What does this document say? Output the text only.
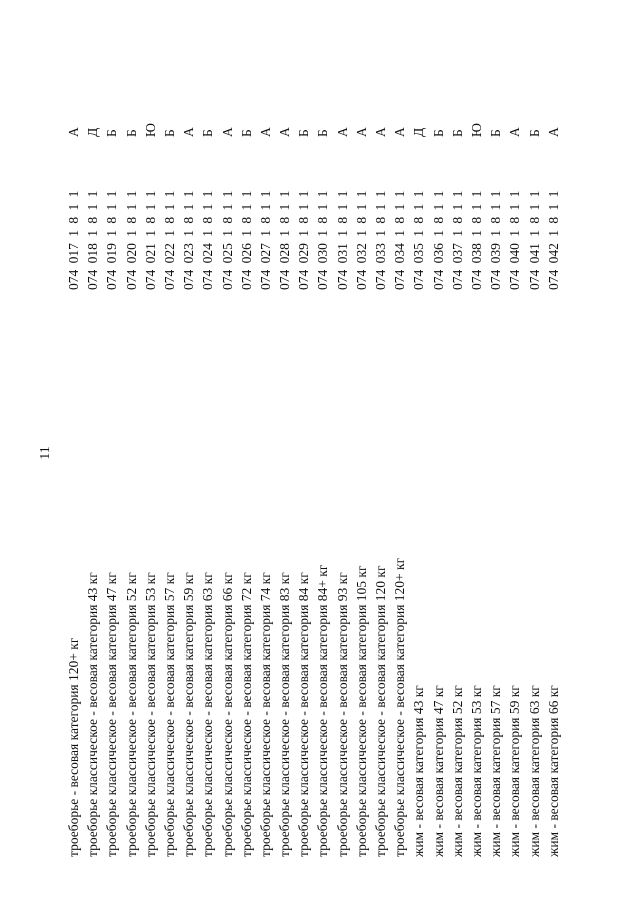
11
троеборье - весовая категория 120+ кг
074 017 1 8 1 1
А
троеборье классическое - весовая категория 43 кг
074 018 1 8 1 1
Д
троеборье классическое - весовая категория 47 кг
074 019 1 8 1 1
Б
троеборье классическое - весовая категория 52 кг
074 020 1 8 1 1
Б
троеборье классическое - весовая категория 53 кг
074 021 1 8 1 1
Ю
троеборье классическое - весовая категория 57 кг
074 022 1 8 1 1
Б
троеборье классическое - весовая категория 59 кг
074 023 1 8 1 1
А
троеборье классическое - весовая категория 63 кг
074 024 1 8 1 1
Б
троеборье классическое - весовая категория 66 кг
074 025 1 8 1 1
А
троеборье классическое - весовая категория 72 кг
074 026 1 8 1 1
Б
троеборье классическое - весовая категория 74 кг
074 027 1 8 1 1
А
троеборье классическое - весовая категория 83 кг
074 028 1 8 1 1
А
троеборье классическое - весовая категория 84 кг
074 029 1 8 1 1
Б
троеборье классическое - весовая категория 84+ кг
074 030 1 8 1 1
Б
троеборье классическое - весовая категория 93 кг
074 031 1 8 1 1
А
троеборье классическое - весовая категория 105 кг
074 032 1 8 1 1
А
троеборье классическое - весовая категория 120 кг
074 033 1 8 1 1
А
троеборье классическое - весовая категория 120+ кг
074 034 1 8 1 1
А
жим - весовая категория 43 кг
074 035 1 8 1 1
Д
жим - весовая категория 47 кг
074 036 1 8 1 1
Б
жим - весовая категория 52 кг
074 037 1 8 1 1
Б
жим - весовая категория 53 кг
074 038 1 8 1 1
Ю
жим - весовая категория 57 кг
074 039 1 8 1 1
Б
жим - весовая категория 59 кг
074 040 1 8 1 1
А
жим - весовая категория 63 кг
074 041 1 8 1 1
Б
жим - весовая категория 66 кг
074 042 1 8 1 1
А
